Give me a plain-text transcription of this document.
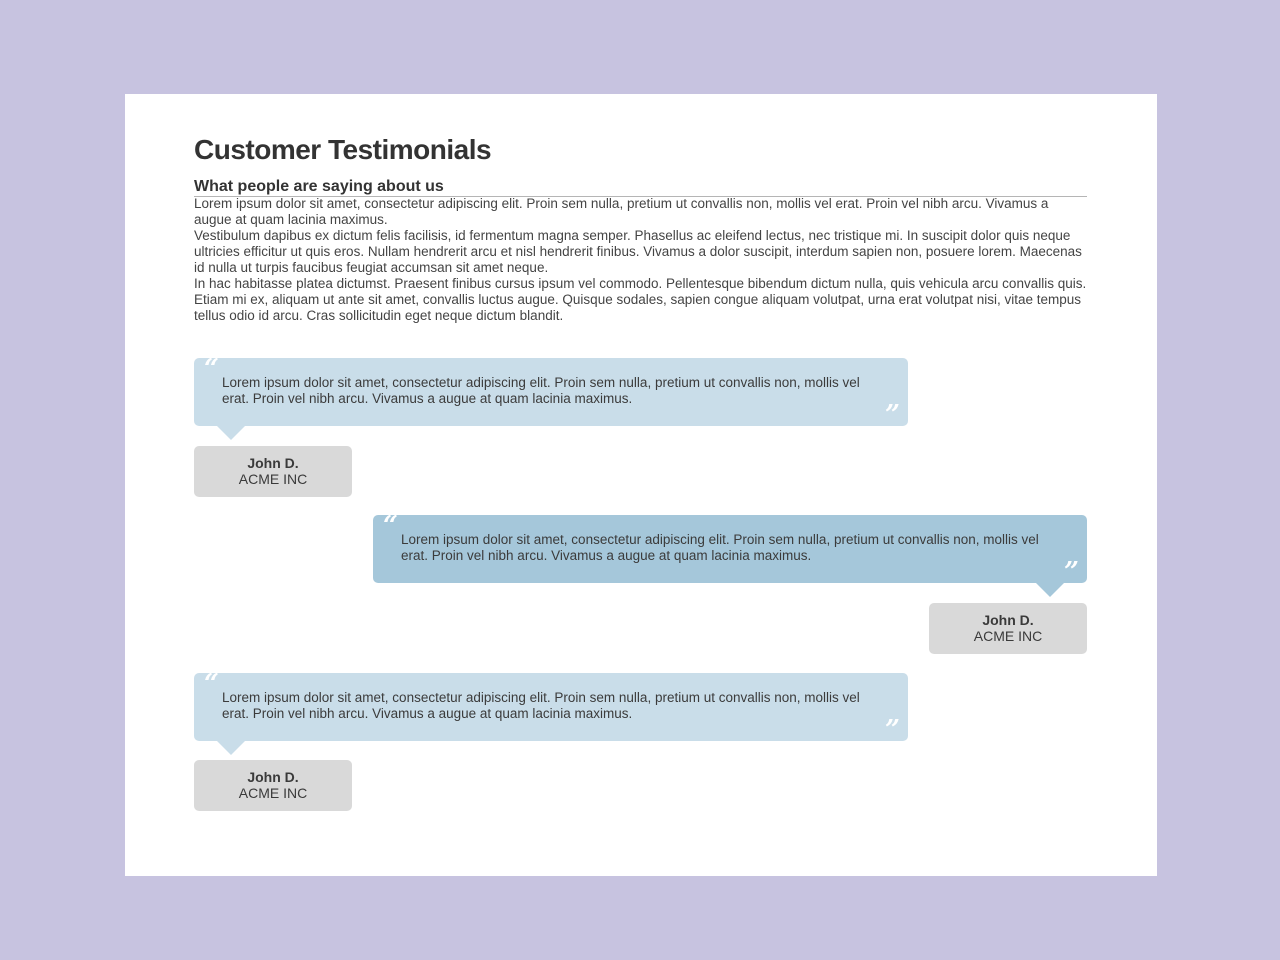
Customer Testimonials
What people are saying about us

Lorem ipsum dolor sit amet, consectetur adipiscing elit. Proin sem nulla, pretium ut convallis non, mollis vel erat. Proin vel nibh arcu. Vivamus a augue at quam lacinia maximus.

Vestibulum dapibus ex dictum felis facilisis, id fermentum magna semper. Phasellus ac eleifend lectus, nec tristique mi. In suscipit dolor quis neque ultricies efficitur ut quis eros. Nullam hendrerit arcu et nisl hendrerit finibus. Vivamus a dolor suscipit, interdum sapien non, posuere lorem. Maecenas id nulla ut turpis faucibus feugiat accumsan sit amet neque.

In hac habitasse platea dictumst. Praesent finibus cursus ipsum vel commodo. Pellentesque bibendum dictum nulla, quis vehicula arcu convallis quis. Etiam mi ex, aliquam ut ante sit amet, convallis luctus augue. Quisque sodales, sapien congue aliquam volutpat, urna erat volutpat nisi, vitae tempus tellus odio id arcu. Cras sollicitudin eget neque dictum blandit.

“ Lorem ipsum dolor sit amet, consectetur adipiscing elit. Proin sem nulla, pretium ut convallis non, mollis vel erat. Proin vel nibh arcu. Vivamus a augue at quam lacinia maximus.
”
John D.
ACME INC
“ Lorem ipsum dolor sit amet, consectetur adipiscing elit. Proin sem nulla, pretium ut convallis non, mollis vel erat. Proin vel nibh arcu. Vivamus a augue at quam lacinia maximus.
”
John D.
ACME INC
“ Lorem ipsum dolor sit amet, consectetur adipiscing elit. Proin sem nulla, pretium ut convallis non, mollis vel erat. Proin vel nibh arcu. Vivamus a augue at quam lacinia maximus.
”
John D.
ACME INC
